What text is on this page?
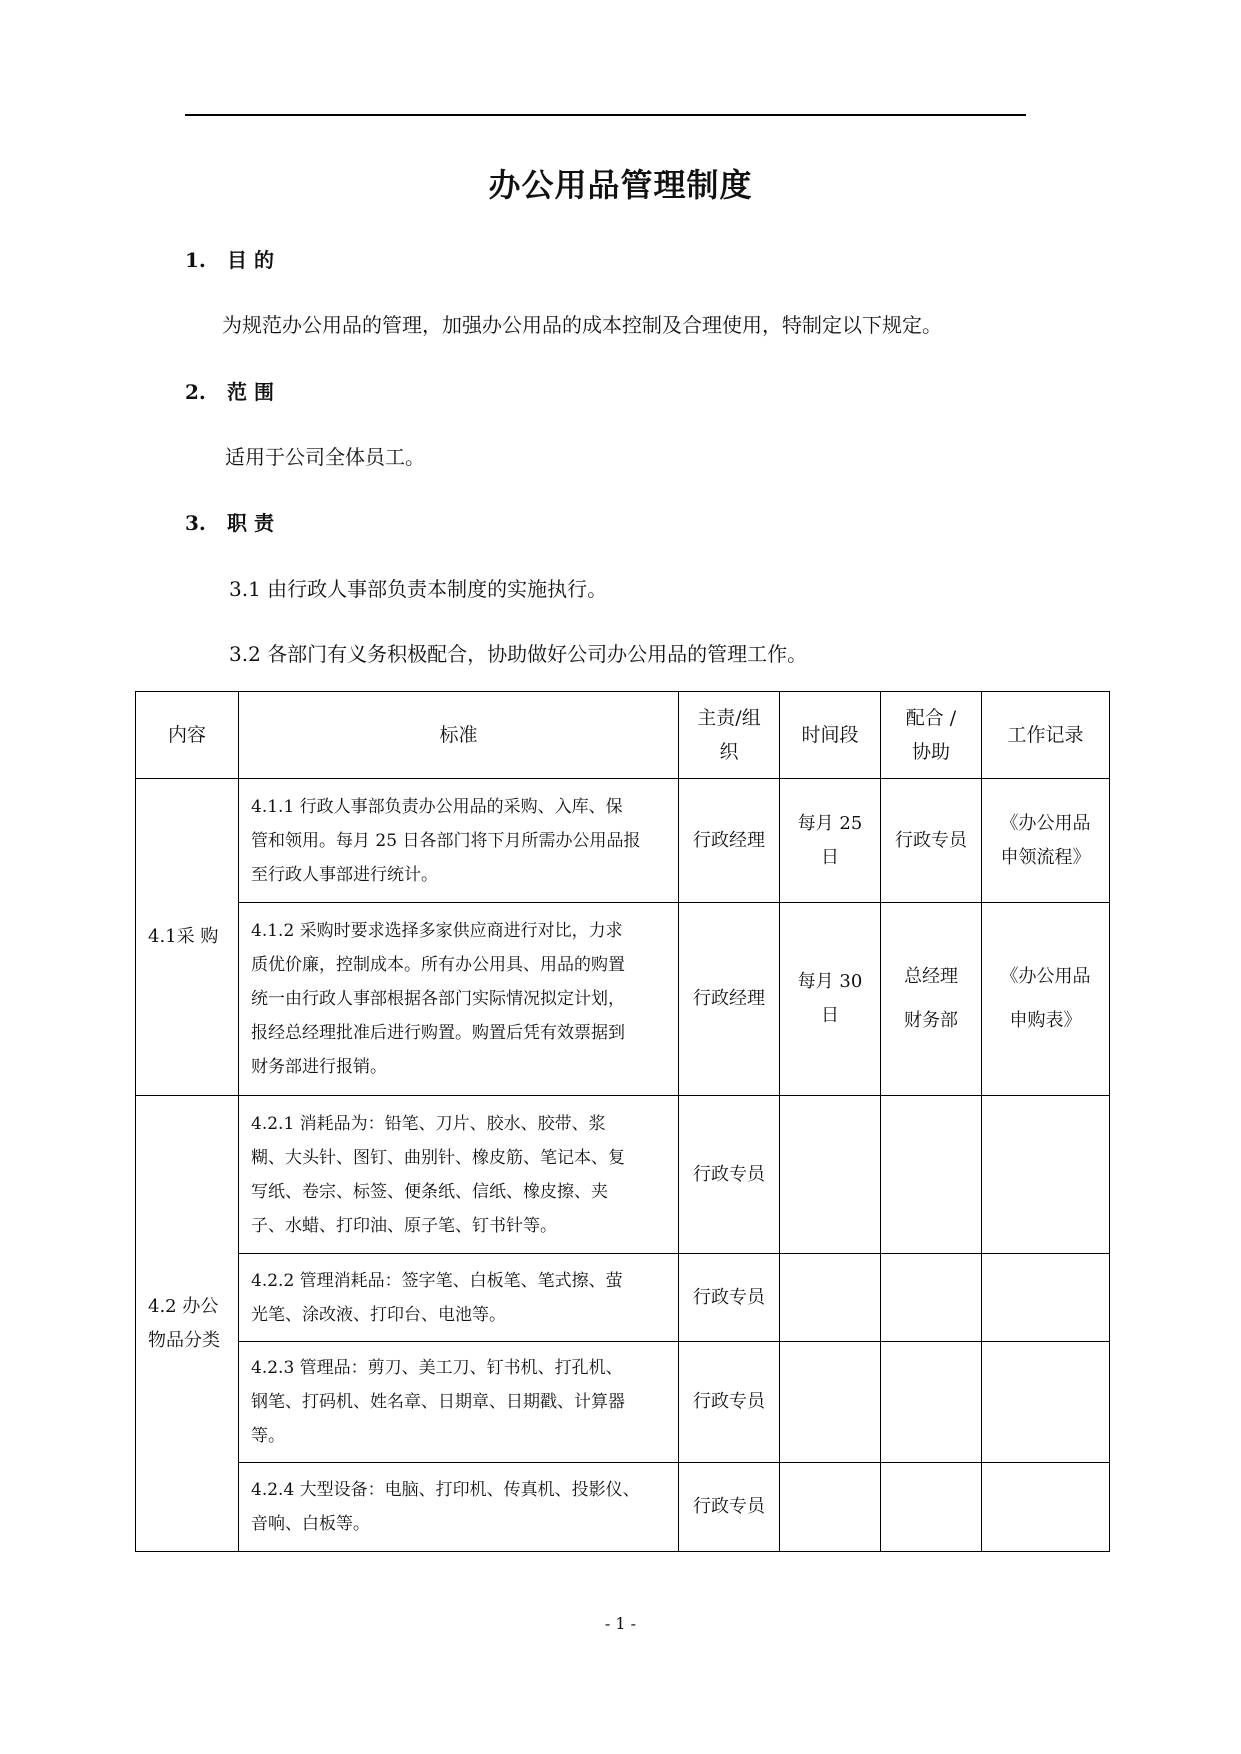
办公用品管理制度
1. 目 的
为规范办公用品的管理，加强办公用品的成本控制及合理使用，特制定以下规定。
2. 范 围
适用于公司全体员工。
3. 职 责
3.1 由行政人事部负责本制度的实施执行。
3.2 各部门有义务积极配合，协助做好公司办公用品的管理工作。
内容	标准	主责/组
织	时间段	配合 /
协助	工作记录

4.1采 购	4.1.1 行政人事部负责办公用品的采购、入库、保
管和领用。每月 25 日各部门将下月所需办公用品报
至行政人事部进行统计。	行政经理	每月 25
日	行政专员	《办公用品
申领流程》

	4.1.2 采购时要求选择多家供应商进行对比，力求
质优价廉，控制成本。所有办公用具、用品的购置
统一由行政人事部根据各部门实际情况拟定计划，
报经总经理批准后进行购置。购置后凭有效票据到
财务部进行报销。	行政经理	每月 30
日	总经理
财务部	《办公用品
申购表》

4.2 办公
物品分类	4.2.1 消耗品为：铅笔、刀片、胶水、胶带、浆
糊、大头针、图钉、曲别针、橡皮筋、笔记本、复
写纸、卷宗、标签、便条纸、信纸、橡皮擦、夹
子、水蜡、打印油、原子笔、钉书针等。	行政专员			

	4.2.2 管理消耗品：签字笔、白板笔、笔式擦、萤
光笔、涂改液、打印台、电池等。	行政专员			

	4.2.3 管理品：剪刀、美工刀、钉书机、打孔机、
钢笔、打码机、姓名章、日期章、日期戳、计算器
等。	行政专员			

	4.2.4 大型设备：电脑、打印机、传真机、投影仪、
音响、白板等。	行政专员			

- 1 -
